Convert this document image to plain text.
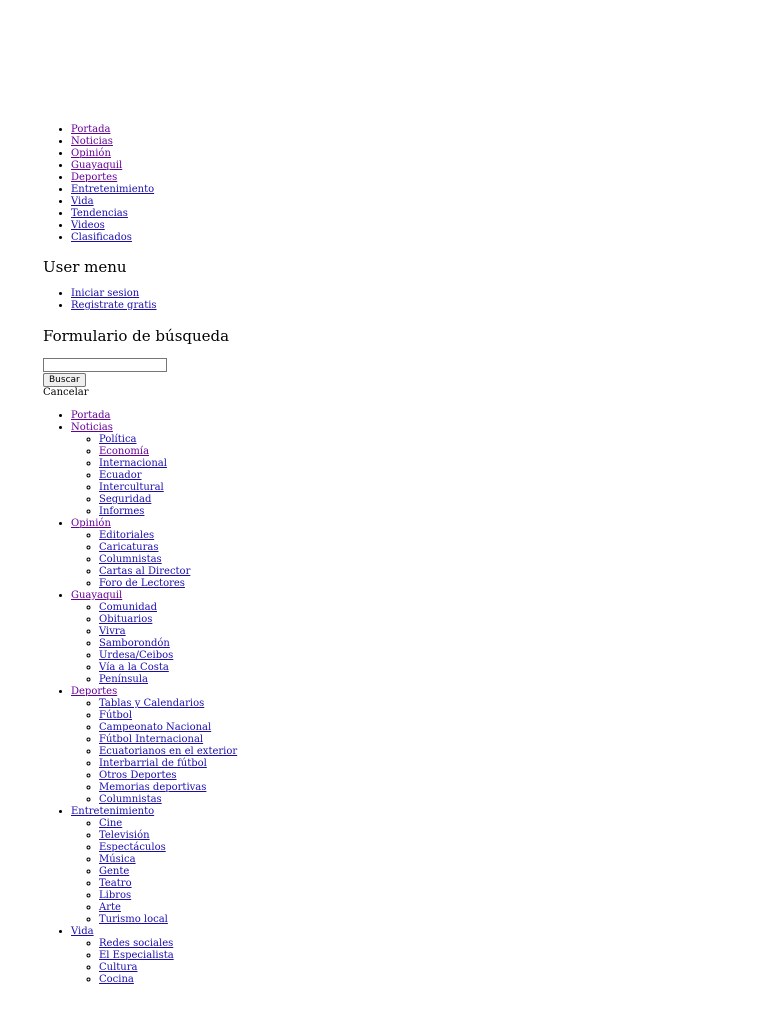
• Portada
• Noticias
• Opinión
• Guayaquil
• Deportes
• Entretenimiento
• Vida
• Tendencias
• Videos
• Clasificados
User menu
• Iniciar sesion
• Registrate gratis
Formulario de búsqueda
Buscar
Cancelar
• Portada
• Noticias
◦ Política
◦ Economía
◦ Internacional
◦ Ecuador
◦ Intercultural
◦ Seguridad
◦ Informes
• Opinión
◦ Editoriales
◦ Caricaturas
◦ Columnistas
◦ Cartas al Director
◦ Foro de Lectores
• Guayaquil
◦ Comunidad
◦ Obituarios
◦ Vivra
◦ Samborondón
◦ Urdesa/Ceibos
◦ Vía a la Costa
◦ Península
• Deportes
◦ Tablas y Calendarios
◦ Fútbol
◦ Campeonato Nacional
◦ Fútbol Internacional
◦ Ecuatorianos en el exterior
◦ Interbarrial de fútbol
◦ Otros Deportes
◦ Memorias deportivas
◦ Columnistas
• Entretenimiento
◦ Cine
◦ Televisión
◦ Espectáculos
◦ Música
◦ Gente
◦ Teatro
◦ Libros
◦ Arte
◦ Turismo local
• Vida
◦ Redes sociales
◦ El Especialista
◦ Cultura
◦ Cocina
